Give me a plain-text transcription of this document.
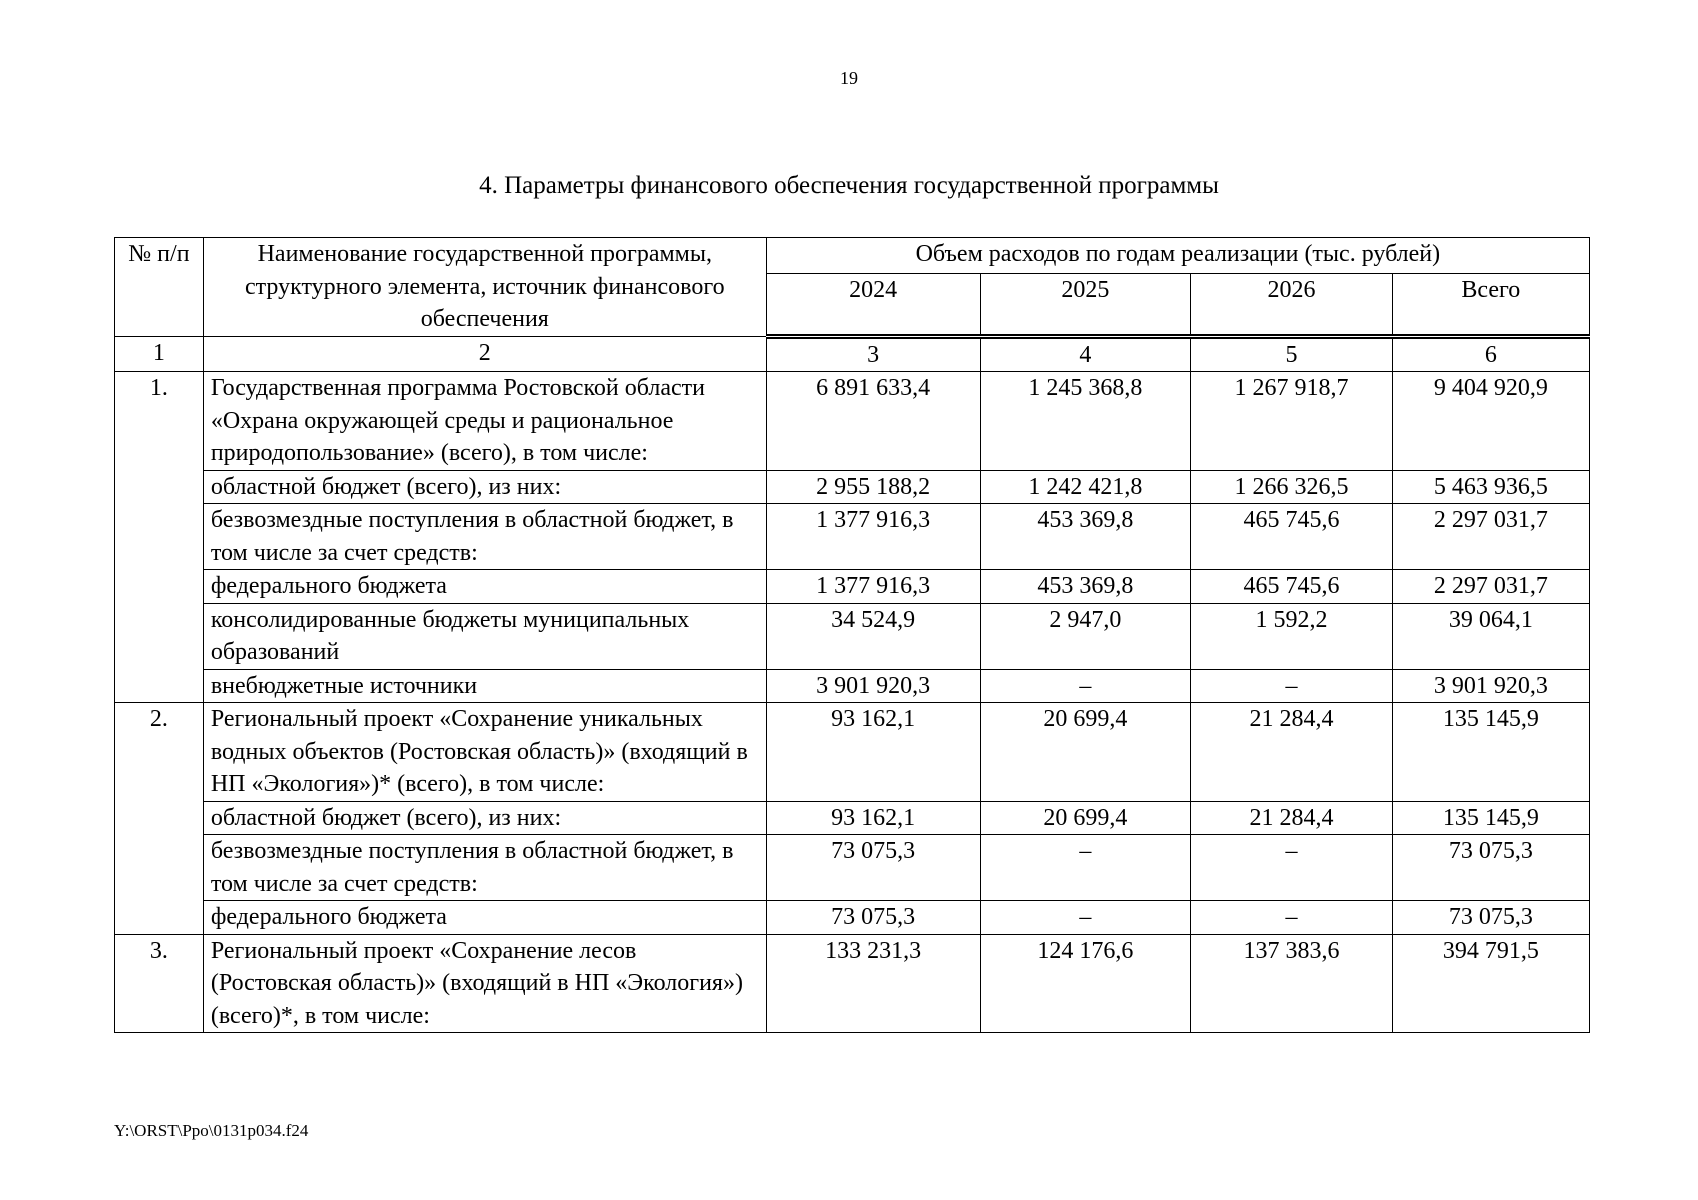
19
4. Параметры финансового обеспечения государственной программы
№ п/п	Наименование государственной программы, структурного элемента, источник финансового обеспечения	Объем расходов по годам реализации (тыс. рублей)			
		2024	2025	2026	Всего
1	2	3	4	5	6
1.	Государственная программа Ростовской области «Охрана окружающей среды и рациональное природопользование» (всего), в том числе:	6 891 633,4	1 245 368,8	1 267 918,7	9 404 920,9
	областной бюджет (всего), из них:	2 955 188,2	1 242 421,8	1 266 326,5	5 463 936,5
	безвозмездные поступления в областной бюджет, в том числе за счет средств:	1 377 916,3	453 369,8	465 745,6	2 297 031,7
	федерального бюджета	1 377 916,3	453 369,8	465 745,6	2 297 031,7
	консолидированные бюджеты муниципальных образований	34 524,9	2 947,0	1 592,2	39 064,1
	внебюджетные источники	3 901 920,3	–	–	3 901 920,3
2.	Региональный проект «Сохранение уникальных водных объектов (Ростовская область)» (входящий в НП «Экология»)* (всего), в том числе:	93 162,1	20 699,4	21 284,4	135 145,9
	областной бюджет (всего), из них:	93 162,1	20 699,4	21 284,4	135 145,9
	безвозмездные поступления в областной бюджет, в том числе за счет средств:	73 075,3	–	–	73 075,3
	федерального бюджета	73 075,3	–	–	73 075,3
3.	Региональный проект «Сохранение лесов (Ростовская область)» (входящий в НП «Экология») (всего)*, в том числе:	133 231,3	124 176,6	137 383,6	394 791,5
Y:\ORST\Ppo\0131p034.f24
